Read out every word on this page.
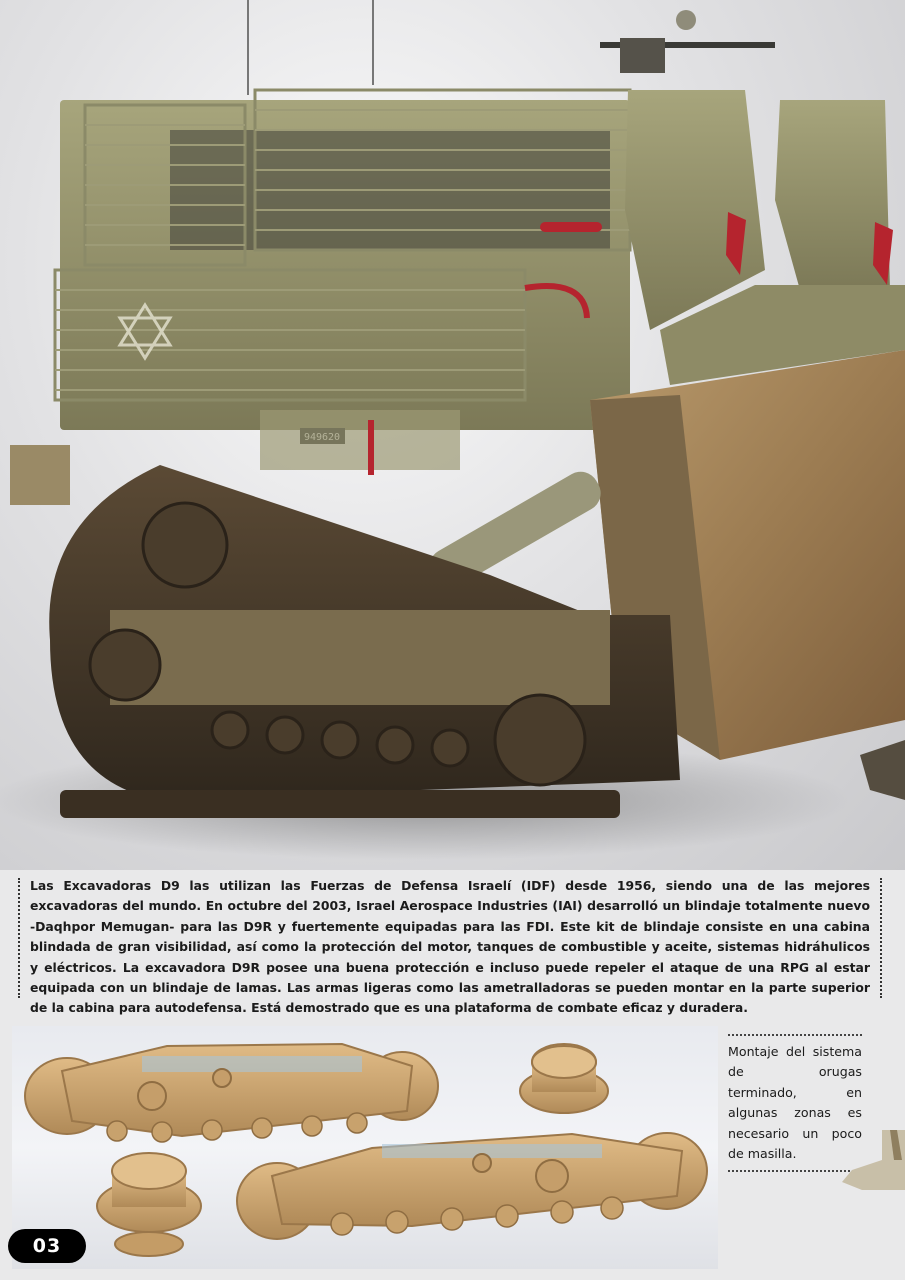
Las Excavadoras D9 las utilizan las Fuerzas de Defensa Israelí (IDF) desde 1956, siendo una de las mejores excavadoras del mundo. En octubre del 2003, Israel Aerospace Industries (IAI) desarrolló un blindaje totalmente nuevo -Daqhpor Memugan- para las D9R y fuertemente equipadas para las FDI. Este kit de blindaje consiste en una cabina blindada de gran visibilidad, así como la protección del motor, tanques de combustible y aceite, sistemas hidráhulicos y eléctricos. La excavadora D9R posee una buena protección e incluso puede repeler el ataque de una RPG al estar equipada con un blindaje de lamas. Las armas ligeras como las ametralladoras se pueden montar en la parte superior de la cabina para autodefensa. Está demostrado que es una plataforma de combate eficaz y duradera.
Montaje del sistema de orugas terminado, en algunas zonas es necesario un poco de masilla.
03
